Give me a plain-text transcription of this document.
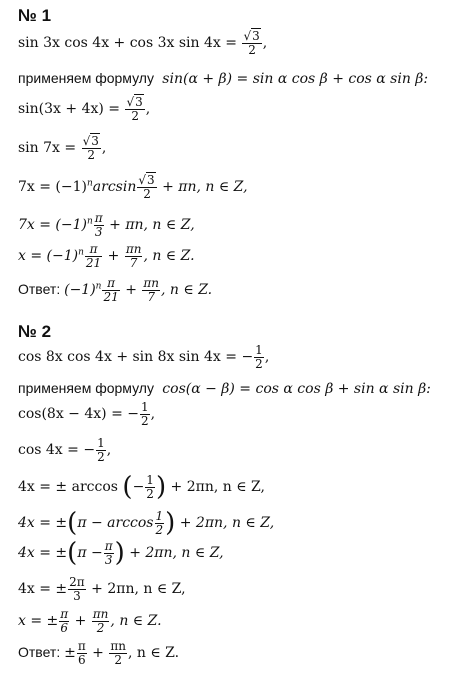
№ 1
sin 3x cos 4x + cos 3x $\sin 4x = \frac{√3}{2}$ ,
применяем формулу  sin(α + β) = sin α cos β + cos α sin β:
$\sin(3x + 4x) = \frac{√3}{2}$ ,
$\sin 7x = \frac{√3}{2}$ ,
$7x = (-1)^n\arcsin \frac{√3}{2} + \pi n$, n ∈ Z,
$7x = (-1)^n \frac{\pi}{3} + \pi n$, n ∈ Z,
$x = (-1)^n \frac{\pi}{21} + \frac{\pi n}{7}$ , n ∈ Z.
Ответ: $(-1)^n \frac{\pi}{21} + \frac{\pi n}{7}$ , n ∈ Z.
№ 2
cos 8x cos 4x + sin 8x sin 4x = − $\frac{1}{2}$ ,
применяем формулу  cos(α − β) = cos α cos β + sin α sin β:
cos(8x − 4x) = − $\frac{1}{2}$ ,
cos 4x = − $\frac{1}{2}$ ,
4x = ± arccos (− $\frac{1}{2}$ ) + 2πn, n ∈ Z,
$4x = \pm(\pi - \arccos \frac{1}{2}$ ) + 2πn, n ∈ Z,
$4x = \pm(\pi - \frac{\pi}{3}$ ) + 2πn, n ∈ Z,
4x = ± $\frac{2\pi}{3} + 2\pi n$, n ∈ Z,
x = ± $\frac{\pi}{6} + \frac{\pi n}{2}$ , n ∈ Z.
Ответ: ± $\frac{\pi}{6} + \frac{\pi n}{2}$ , n ∈ Z.
